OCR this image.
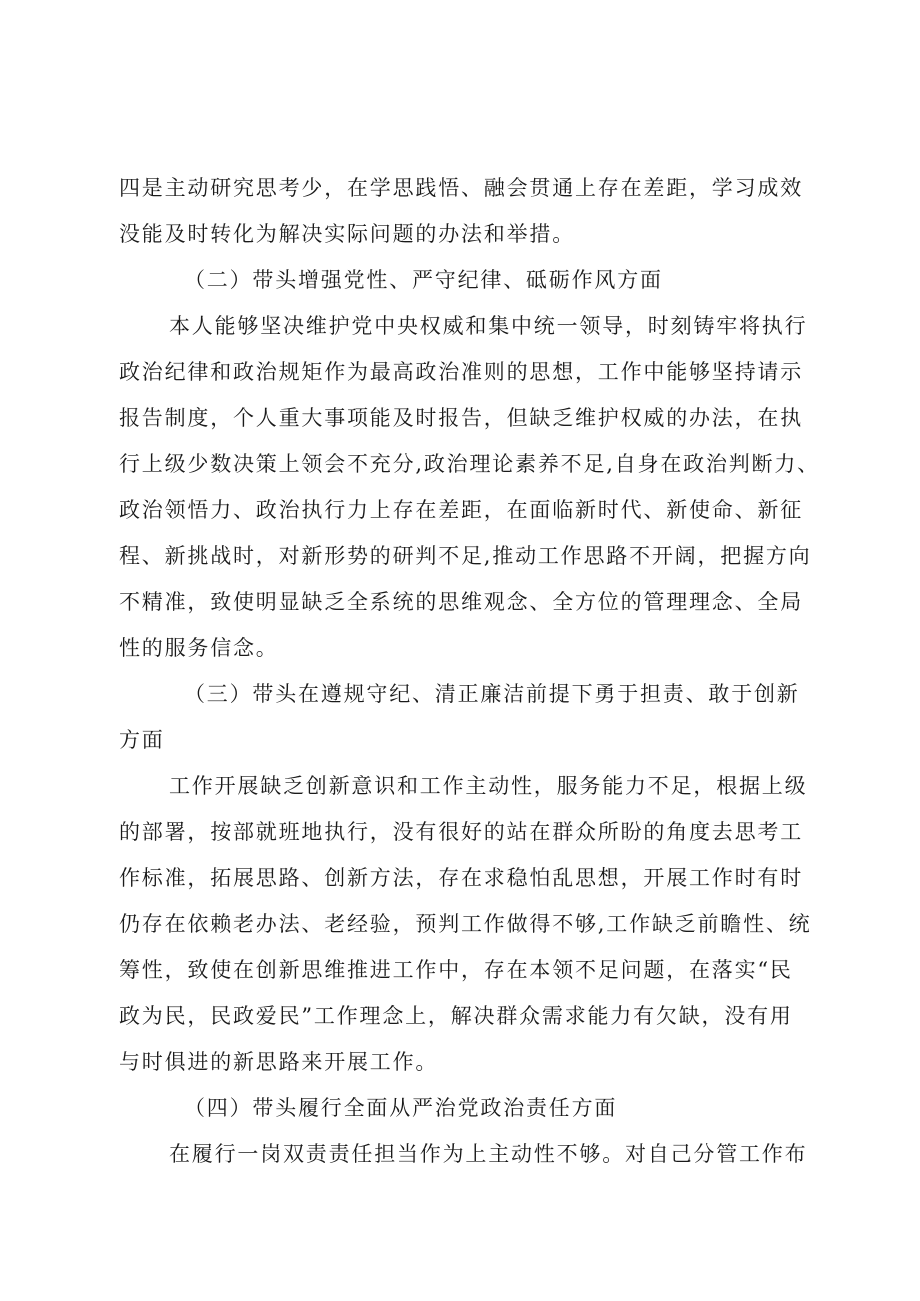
四是主动研究思考少，在学思践悟、融会贯通上存在差距，学习成效
没能及时转化为解决实际问题的办法和举措。

（二）带头增强党性、严守纪律、砥砺作风方面

本人能够坚决维护党中央权威和集中统一领导，时刻铸牢将执行
政治纪律和政治规矩作为最高政治准则的思想，工作中能够坚持请示
报告制度，个人重大事项能及时报告，但缺乏维护权威的办法，在执
行上级少数决策上领会不充分,政治理论素养不足,自身在政治判断力、
政治领悟力、政治执行力上存在差距，在面临新时代、新使命、新征
程、新挑战时，对新形势的研判不足,推动工作思路不开阔，把握方向
不精准，致使明显缺乏全系统的思维观念、全方位的管理理念、全局
性的服务信念。

（三）带头在遵规守纪、清正廉洁前提下勇于担责、敢于创新
方面

工作开展缺乏创新意识和工作主动性，服务能力不足，根据上级
的部署，按部就班地执行，没有很好的站在群众所盼的角度去思考工
作标准，拓展思路、创新方法，存在求稳怕乱思想，开展工作时有时
仍存在依赖老办法、老经验，预判工作做得不够,工作缺乏前瞻性、统
筹性，致使在创新思维推进工作中，存在本领不足问题，在落实“民
政为民，民政爱民”工作理念上，解决群众需求能力有欠缺，没有用
与时俱进的新思路来开展工作。

（四）带头履行全面从严治党政治责任方面

在履行一岗双责责任担当作为上主动性不够。对自己分管工作布
